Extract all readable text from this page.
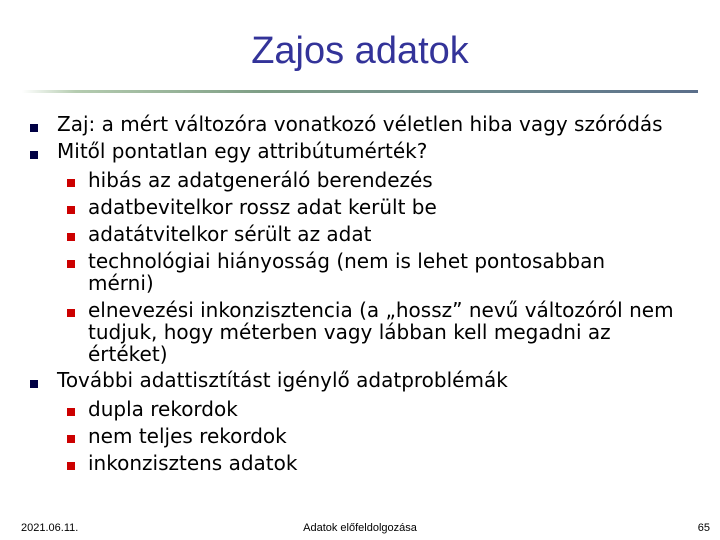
Zajos adatok
Zaj: a mért változóra vonatkozó véletlen hiba vagy szóródás
Mitől pontatlan egy attribútumérték?
hibás az adatgeneráló berendezés
adatbevitelkor rossz adat került be
adatátvitelkor sérült az adat
technológiai hiányosság (nem is lehet pontosabban mérni)
elnevezési inkonzisztencia (a „hossz” nevű változóról nem tudjuk, hogy méterben vagy lábban kell megadni az értéket)
További adattisztítást igénylő adatproblémák
dupla rekordok
nem teljes rekordok
inkonzisztens adatok
2021.06.11.	Adatok előfeldolgozása	65
